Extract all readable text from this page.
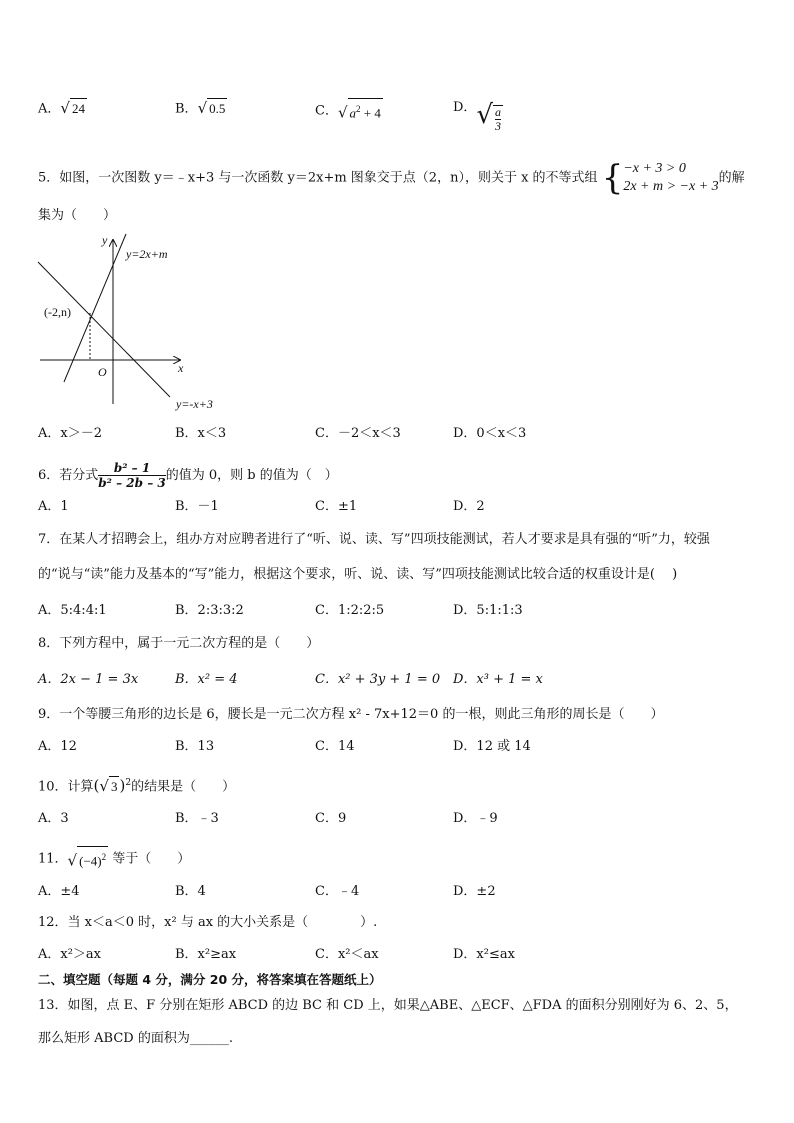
A．√ 24	B．√ 0.5	C．√ $a^2 + 4$	D．√ $\frac{a}{3}$
5．如图，一次图数 y＝﹣x+3 与一次函数 y＝2x+m 图象交于点（2，n），则关于 x 的不等式组 { −x + 3 > 0
2x + m > −x + 3
的解
集为（　　）
y=2x+m
y=-x+3
(-2,n)
x
y
O
A．x＞－2	B．x＜3	C．－2＜x＜3	D．0＜x＜3
6．若分式 $\frac{\text{b² – 1}}{\text{b² – 2b – 3}}$ 的值为 0，则 b 的值为（　）
A．1	B．－1	C．±1	D．2
7．在某人才招聘会上，组办方对应聘者进行了“听、说、读、写”四项技能测试，若人才要求是具有强的“听”力，较强
的“说与“读”能力及基本的“写”能力，根据这个要求，听、说、读、写”四项技能测试比较合适的权重设计是(　 )
A．5:4:4:1	B．2:3:3:2	C．1:2:2:5	D．5:1:1:3
8．下列方程中，属于一元二次方程的是（　　）
A．2x − 1 = 3x	B．x² = 4	C．x² + 3y + 1 = 0 D．x³ + 1 = x
9．一个等腰三角形的边长是 6，腰长是一元二次方程 x² - 7x+12＝0 的一根，则此三角形的周长是（　　）
A．12	B．13	C．14	D．12 或 14
10．计算(√ 3 )$^2$的结果是（　　）
A．3	B．﹣3	C．9	D．﹣9
11．√ $(-4)^2$ 等于（　　）
A．±4	B．4	C．﹣4	D．±2
12．当 x＜a＜0 时，x² 与 ax 的大小关系是（　　　　）.
A．x²＞ax	B．x²≥ax	C．x²＜ax	D．x²≤ax
二、填空题（每题 4 分，满分 20 分，将答案填在答题纸上）
13．如图，点 E、F 分别在矩形 ABCD 的边 BC 和 CD 上，如果△ABE、△ECF、△FDA 的面积分别刚好为 6、2、5，
那么矩形 ABCD 的面积为______.
